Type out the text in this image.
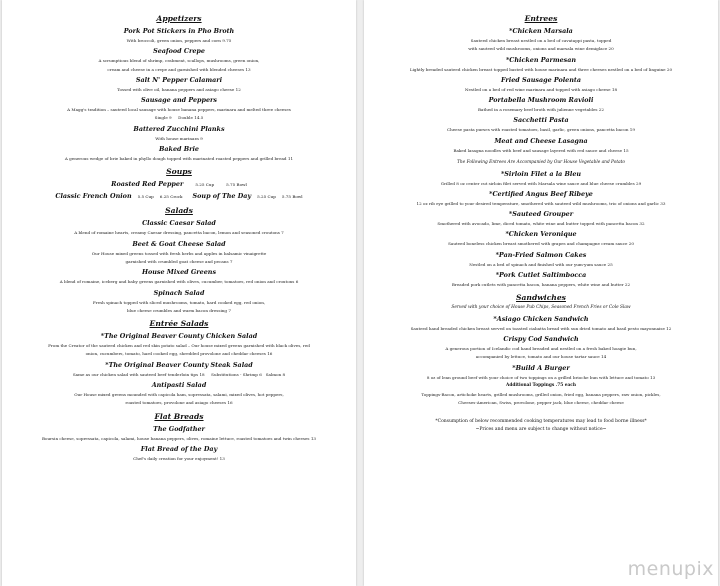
Appetizers
Pork Pot Stickers in Pho Broth
With broccoli, green onion, peppers and corn 9.75
Seafood Crepe
A scrumptious blend of shrimp, crabmeat, scallops, mushrooms, green onion,
cream and cheese in a crepe and garnished with blended cheeses 13
Salt N' Pepper Calamari
Tossed with olive oil, banana peppers and asiago cheese 12
Sausage and Peppers
A Magg's tradition – sauteed local sausage with house banana peppers, marinara and melted three cheeses
Single 9     Double 14.5
Battered Zucchini Planks
With house marinara 9
Baked Brie
A generous wedge of brie baked in phyllo dough topped with marinated roasted peppers and grilled bread 11
Soups
Roasted Red Pepper	5.25 Cup	5.75 Bowl
Classic French Onion 5.5 Cup 6.25 Crock Soup of The Day 5.25 Cup 5.75 Bowl
Salads
Classic Caesar Salad
A blend of romaine hearts, creamy Caesar dressing, pancetta bacon, lemon and seasoned croutons 7
Beet & Goat Cheese Salad
Our House mixed greens tossed with fresh herbs and apples in balsamic vinaigrette
garnished with crumbled goat cheese and pecans 7
House Mixed Greens
A blend of romaine, iceberg and baby greens garnished with olives, cucumber, tomatoes, red onion and croutons 6
Spinach Salad
Fresh spinach topped with sliced mushrooms, tomato, hard cooked egg, red onion,
blue cheese crumbles and warm bacon dressing 7
Entrée Salads
*The Original Beaver County Chicken Salad
From the Creator of the sauteed chicken and red skin potato salad – Our house mixed greens garnished with black olives, red
onion, cucumbers, tomato, hard cooked egg, shredded provolone and cheddar cheeses 16
*The Original Beaver County Steak Salad
Same as our chicken salad with sauteed beef tenderloin tips 18     Substitutions - Shrimp 6   Salmon 8
Antipasti Salad
Our House mixed greens mounded with capicola ham, sopressata, salami, mixed olives, hot peppers,
roasted tomatoes, provolone and asiago cheeses 16
Flat Breads
The Godfather
Boursin cheese, sopressata, capicola, salami, house banana peppers, olives, romaine lettuce, roasted tomatoes and twin cheeses 13
Flat Bread of the Day
Chef's daily creation for your enjoyment! 13
Entrees
*Chicken Marsala
Sauteed chicken breast nestled on a bed of cavatappi pasta, topped
with sauteed wild mushrooms, onions and marsala wine demiglace 20
*Chicken Parmesan
Lightly breaded sauteed chicken breast topped basted with house marinara and three cheeses nestled on a bed of linguine 20
Fried Sausage Polenta
Nestled on a bed of red wine marinara and topped with asiago cheese 18
Portabella Mushroom Ravioli
Bathed in a rosemary beef broth with julienne vegetables 22
Sacchetti Pasta
Cheese pasta purses with roasted tomatoes, basil, garlic, green onions, pancetta bacon 19
Meat and Cheese Lasagna
Baked lasagna noodles with beef and sausage layered with red sauce and cheese 15
The Following Entrees Are Accompanied by Our House Vegetable and Potato
*Sirloin Filet a la Bleu
Grilled 8 oz center cut sirloin filet served with Marsala wine sauce and blue cheese crumbles 29
*Certified Angus Beef Ribeye
12 oz rib eye grilled to your desired temperature, smothered with sauteed wild mushrooms, trio of onions and garlic 33
*Sauteed Grouper
Smothered with avocado, lime, diced tomato, white wine and butter topped with pancetta bacon 32
*Chicken Veronique
Sauteed boneless chicken breast smothered with grapes and champagne cream sauce 20
*Pan-Fried Salmon Cakes
Nestled on a bed of spinach and finished with our yum-yum sauce 25
*Pork Cutlet Saltimbocca
Breaded pork cutlets with pancetta bacon, banana peppers, white wine and butter 22
Sandwiches
Served with your choice of House Pub Chips, Seasoned French Fries or Cole Slaw
*Asiago Chicken Sandwich
Sauteed hand breaded chicken breast served on toasted ciabatta bread with sun dried tomato and basil pesto mayonnaise 12
Crispy Cod Sandwich
A generous portion of Icelandic cod hand breaded and nestled on a fresh baked hoagie bun,
accompanied by lettuce, tomato and our house tartar sauce 14
*Build A Burger
8 oz of lean ground beef with your choice of two toppings on a grilled brioche bun with lettuce and tomato 13
Additional Toppings .75 each
Toppings-Bacon, artichoke hearts, grilled mushrooms, grilled onion, fried egg, banana peppers, raw onion, pickles,
Cheeses-American, Swiss, provolone, pepper jack, blue cheese, cheddar cheese
*Consumption of below recommended cooking temperatures may lead to food borne illness*
~Prices and menu are subject to change without notice~
menupix
